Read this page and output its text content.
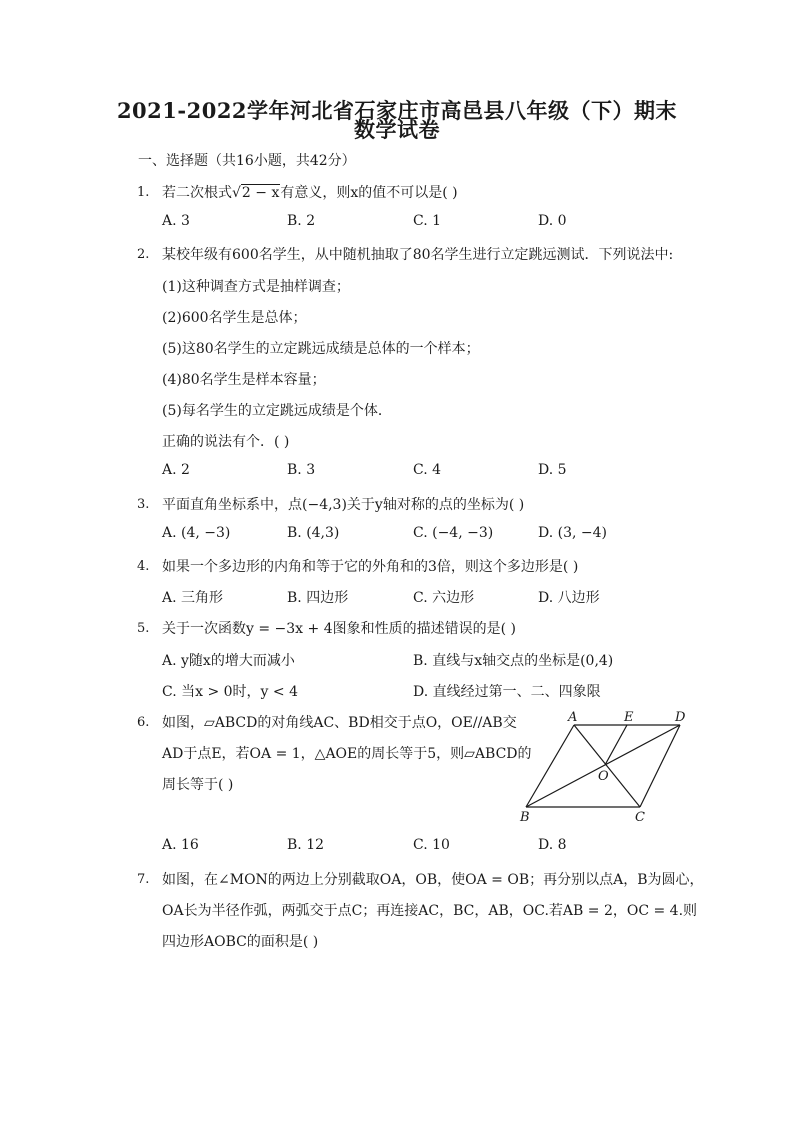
2021-2022学年河北省石家庄市高邑县八年级（下）期末
数学试卷
一、选择题（共16小题，共42分）
1. 若二次根式√2 − x有意义，则x的值不可以是( )
A. 3	B. 2	C. 1	D. 0
2. 某校年级有600名学生，从中随机抽取了80名学生进行立定跳远测试．下列说法中:
(1)这种调查方式是抽样调查；
(2)600名学生是总体；
(5)这80名学生的立定跳远成绩是总体的一个样本；
(4)80名学生是样本容量；
(5)每名学生的立定跳远成绩是个体．
正确的说法有个．( )
A. 2	B. 3	C. 4	D. 5
3. 平面直角坐标系中，点(−4,3)关于y轴对称的点的坐标为( )
A. (4, −3)	B. (4,3)	C. (−4, −3)	D. (3, −4)
4. 如果一个多边形的内角和等于它的外角和的3倍，则这个多边形是( )
A. 三角形	B. 四边形	C. 六边形	D. 八边形
5. 关于一次函数y = −3x + 4图象和性质的描述错误的是( )
A. y随x的增大而减小	B. 直线与x轴交点的坐标是(0,4)
C. 当x > 0时，y < 4	D. 直线经过第一、二、四象限
6. 如图，▱ABCD的对角线AC、BD相交于点O，OE//AB交
AD于点E，若OA = 1，△AOE的周长等于5，则▱ABCD的
周长等于( )
A	E	D
O
B	C
A. 16	B. 12	C. 10	D. 8
7. 如图，在∠MON的两边上分别截取OA，OB，使OA = OB；再分别以点A，B为圆心，
OA长为半径作弧，两弧交于点C；再连接AC，BC，AB，OC.若AB = 2，OC = 4.则
四边形AOBC的面积是( )
